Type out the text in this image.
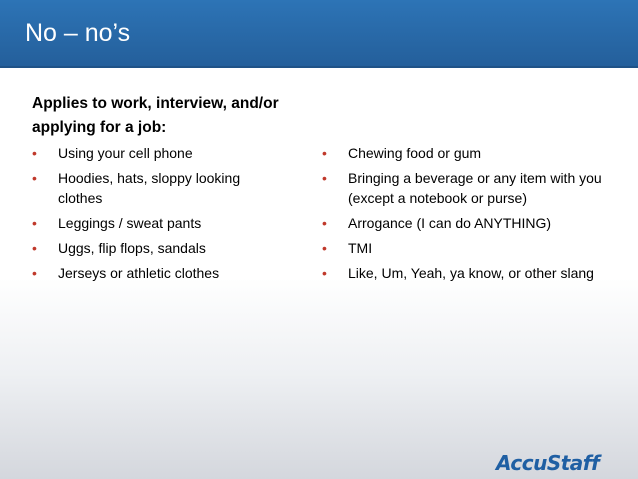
No – no’s
Applies to work, interview, and/or applying for a job:
•	Using your cell phone
•	Hoodies, hats, sloppy looking clothes
•	Leggings / sweat pants
•	Uggs, flip flops, sandals
•	Jerseys or athletic clothes
•	Chewing food or gum
•	Bringing a beverage or any item with you (except a notebook or purse)
•	Arrogance (I can do ANYTHING)
•	TMI
•	Like, Um, Yeah, ya know, or other slang
AccuStaff
